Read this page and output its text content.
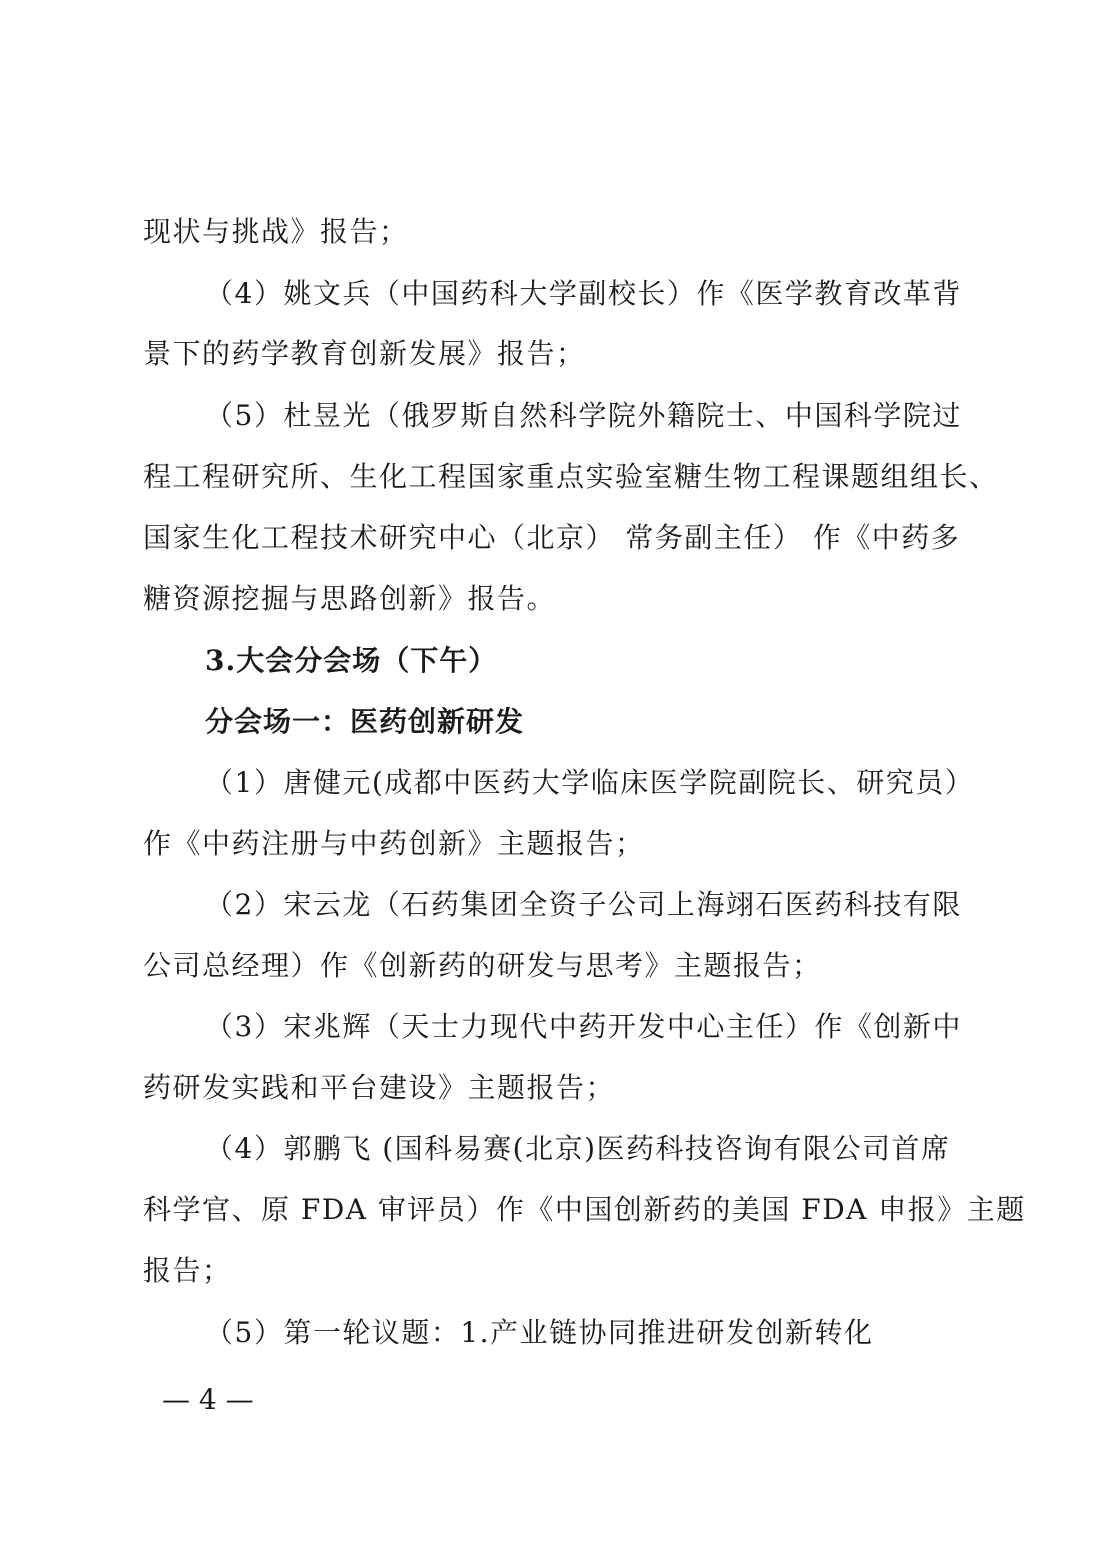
现状与挑战》报告；
（4）姚文兵（中国药科大学副校长）作《医学教育改革背
景下的药学教育创新发展》报告；
（5）杜昱光（俄罗斯自然科学院外籍院士、中国科学院过
程工程研究所、生化工程国家重点实验室糖生物工程课题组组长、
国家生化工程技术研究中心（北京） 常务副主任） 作《中药多
糖资源挖掘与思路创新》报告。
3.大会分会场（下午）
分会场一：医药创新研发
（1）唐健元(成都中医药大学临床医学院副院长、研究员）
作《中药注册与中药创新》主题报告；
（2）宋云龙（石药集团全资子公司上海翊石医药科技有限
公司总经理）作《创新药的研发与思考》主题报告；
（3）宋兆辉（天士力现代中药开发中心主任）作《创新中
药研发实践和平台建设》主题报告；
（4）郭鹏飞 (国科易赛(北京)医药科技咨询有限公司首席
科学官、原 FDA 审评员）作《中国创新药的美国 FDA 申报》主题
报告；
（5）第一轮议题：1.产业链协同推进研发创新转化
— 4 —
